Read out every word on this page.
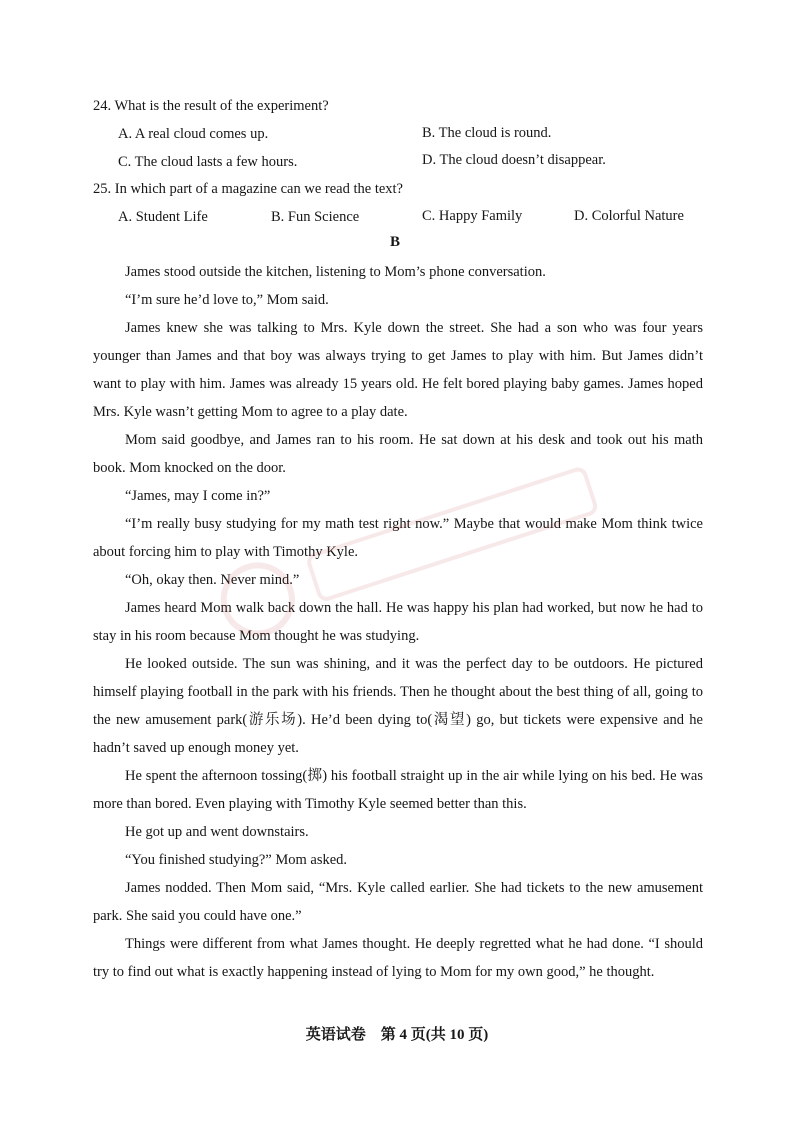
24. What is the result of the experiment?
A. A real cloud comes up.	B. The cloud is round.
C. The cloud lasts a few hours.	D. The cloud doesn’t disappear.
25. In which part of a magazine can we read the text?
A. Student Life	B. Fun Science	C. Happy Family	D. Colorful Nature
B
James stood outside the kitchen, listening to Mom’s phone conversation.
“I’m sure he’d love to,” Mom said.

James knew she was talking to Mrs. Kyle down the street. She had a son who was four years younger than James and that boy was always trying to get James to play with him. But James didn’t want to play with him. James was already 15 years old. He felt bored playing baby games. James hoped Mrs. Kyle wasn’t getting Mom to agree to a play date.

Mom said goodbye, and James ran to his room. He sat down at his desk and took out his math book. Mom knocked on the door.

“James, may I come in?”

“I’m really busy studying for my math test right now.” Maybe that would make Mom think twice about forcing him to play with Timothy Kyle.

“Oh, okay then. Never mind.”

James heard Mom walk back down the hall. He was happy his plan had worked, but now he had to stay in his room because Mom thought he was studying.

He looked outside. The sun was shining, and it was the perfect day to be outdoors. He pictured himself playing football in the park with his friends. Then he thought about the best thing of all, going to the new amusement park(游乐场). He’d been dying to(渴望) go, but tickets were expensive and he hadn’t saved up enough money yet.

He spent the afternoon tossing(掷) his football straight up in the air while lying on his bed. He was more than bored. Even playing with Timothy Kyle seemed better than this.

He got up and went downstairs.
“You finished studying?” Mom asked.

James nodded. Then Mom said, “Mrs. Kyle called earlier. She had tickets to the new amusement park. She said you could have one.”

Things were different from what James thought. He deeply regretted what he had done. “I should try to find out what is exactly happening instead of lying to Mom for my own good,” he thought.

英语试卷　第 4 页(共 10 页)
